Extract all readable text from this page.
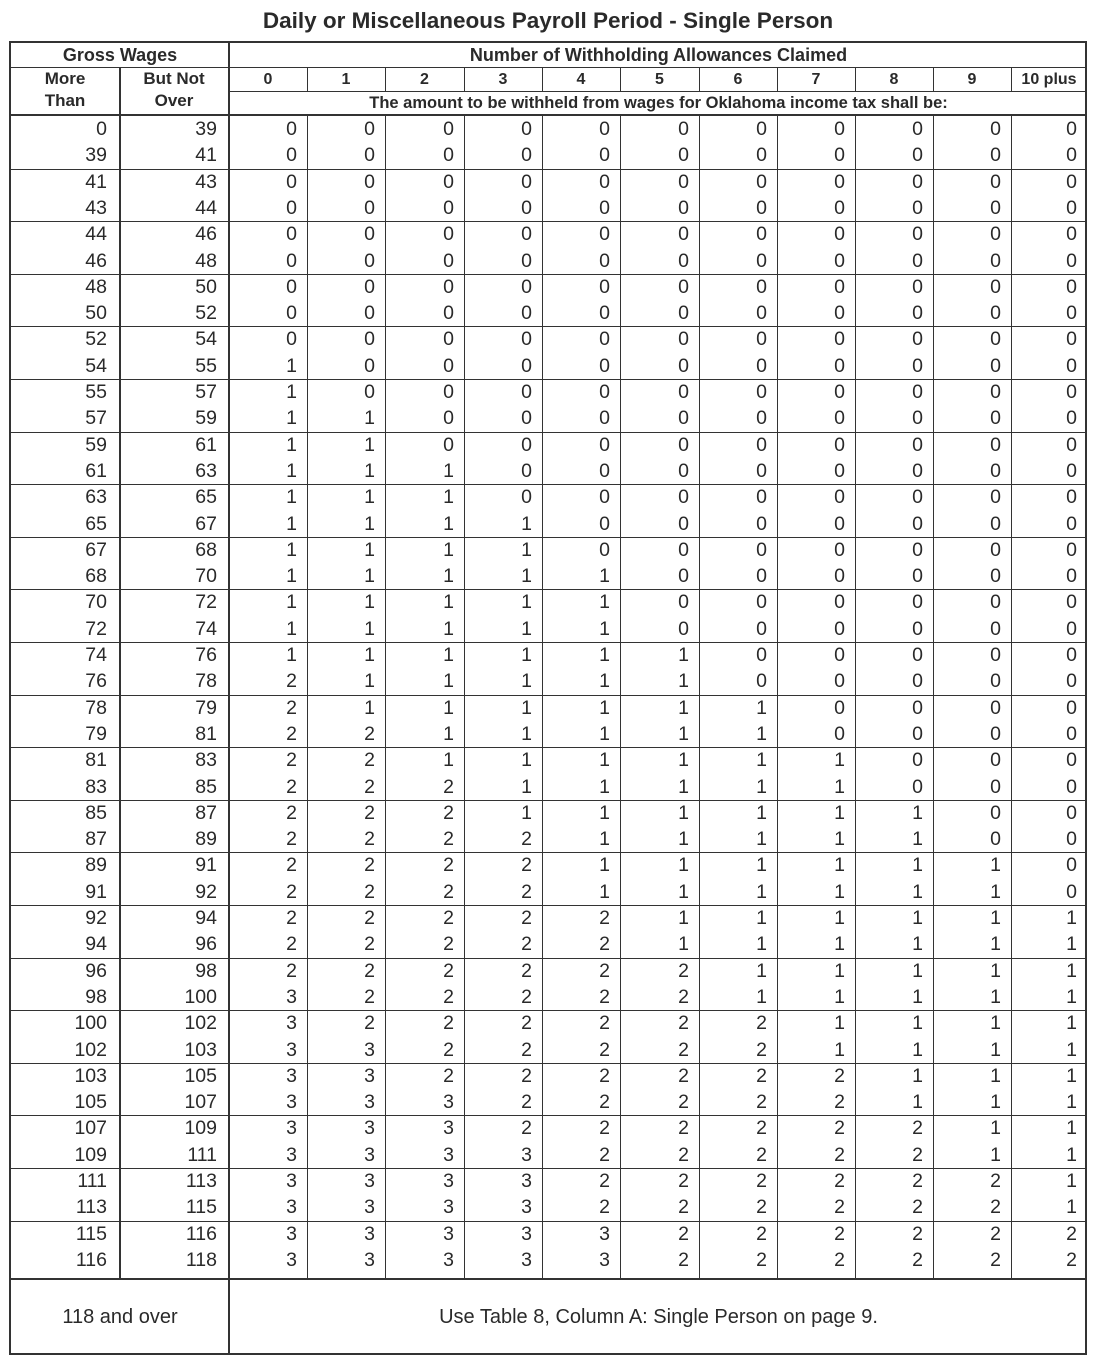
Daily or Miscellaneous Payroll Period - Single Person
Gross Wages	Number of Withholding Allowances Claimed
More
Than
But Not
Over	The amount to be withheld from wages for Oklahoma income tax shall be:
0	1	2	3	4	5	6	7	8	9	10 plus
0	39	0	0	0	0	0	0	0	0	0	0	0
39	41	0	0	0	0	0	0	0	0	0	0	0
41	43	0	0	0	0	0	0	0	0	0	0	0
43	44	0	0	0	0	0	0	0	0	0	0	0
44	46	0	0	0	0	0	0	0	0	0	0	0
46	48	0	0	0	0	0	0	0	0	0	0	0
48	50	0	0	0	0	0	0	0	0	0	0	0
50	52	0	0	0	0	0	0	0	0	0	0	0
52	54	0	0	0	0	0	0	0	0	0	0	0
54	55	1	0	0	0	0	0	0	0	0	0	0
55	57	1	0	0	0	0	0	0	0	0	0	0
57	59	1	1	0	0	0	0	0	0	0	0	0
59	61	1	1	0	0	0	0	0	0	0	0	0
61	63	1	1	1	0	0	0	0	0	0	0	0
63	65	1	1	1	0	0	0	0	0	0	0	0
65	67	1	1	1	1	0	0	0	0	0	0	0
67	68	1	1	1	1	0	0	0	0	0	0	0
68	70	1	1	1	1	1	0	0	0	0	0	0
70	72	1	1	1	1	1	0	0	0	0	0	0
72	74	1	1	1	1	1	0	0	0	0	0	0
74	76	1	1	1	1	1	1	0	0	0	0	0
76	78	2	1	1	1	1	1	0	0	0	0	0
78	79	2	1	1	1	1	1	1	0	0	0	0
79	81	2	2	1	1	1	1	1	0	0	0	0
81	83	2	2	1	1	1	1	1	1	0	0	0
83	85	2	2	2	1	1	1	1	1	0	0	0
85	87	2	2	2	1	1	1	1	1	1	0	0
87	89	2	2	2	2	1	1	1	1	1	0	0
89	91	2	2	2	2	1	1	1	1	1	1	0
91	92	2	2	2	2	1	1	1	1	1	1	0
92	94	2	2	2	2	2	1	1	1	1	1	1
94	96	2	2	2	2	2	1	1	1	1	1	1
96	98	2	2	2	2	2	2	1	1	1	1	1
98	100	3	2	2	2	2	2	1	1	1	1	1
100	102	3	2	2	2	2	2	2	1	1	1	1
102	103	3	3	2	2	2	2	2	1	1	1	1
103	105	3	3	2	2	2	2	2	2	1	1	1
105	107	3	3	3	2	2	2	2	2	1	1	1
107	109	3	3	3	2	2	2	2	2	2	1	1
109	111	3	3	3	3	2	2	2	2	2	1	1
111	113	3	3	3	3	2	2	2	2	2	2	1
113	115	3	3	3	3	2	2	2	2	2	2	1
115	116	3	3	3	3	3	2	2	2	2	2	2
116	118	3	3	3	3	3	2	2	2	2	2	2
118 and over	Use Table 8, Column A: Single Person on page 9.
